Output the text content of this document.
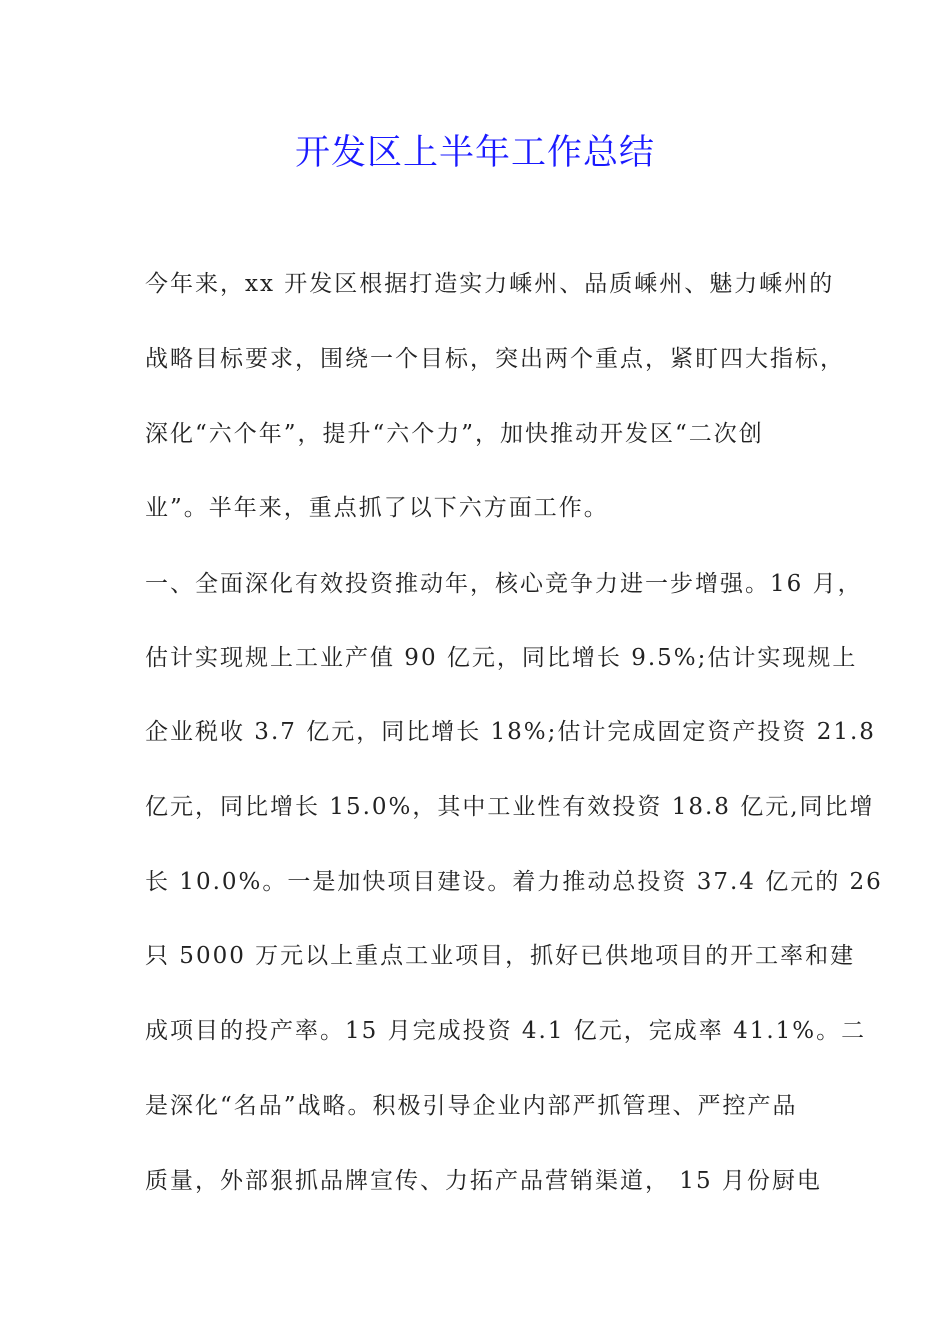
开发区上半年工作总结
今年来，xx 开发区根据打造实力嵊州、品质嵊州、魅力嵊州的
战略目标要求，围绕一个目标，突出两个重点，紧盯四大指标，
深化“六个年”，提升“六个力”，加快推动开发区“二次创
业”。半年来，重点抓了以下六方面工作。
一、全面深化有效投资推动年，核心竞争力进一步增强。16 月，
估计实现规上工业产值 90 亿元，同比增长 9.5%;估计实现规上
企业税收 3.7 亿元，同比增长 18%;估计完成固定资产投资 21.8
亿元，同比增长 15.0%，其中工业性有效投资 18.8 亿元,同比增
长 10.0%。一是加快项目建设。着力推动总投资 37.4 亿元的 26
只 5000 万元以上重点工业项目，抓好已供地项目的开工率和建
成项目的投产率。15 月完成投资 4.1 亿元，完成率 41.1%。二
是深化“名品”战略。积极引导企业内部严抓管理、严控产品
质量，外部狠抓品牌宣传、力拓产品营销渠道， 15 月份厨电
